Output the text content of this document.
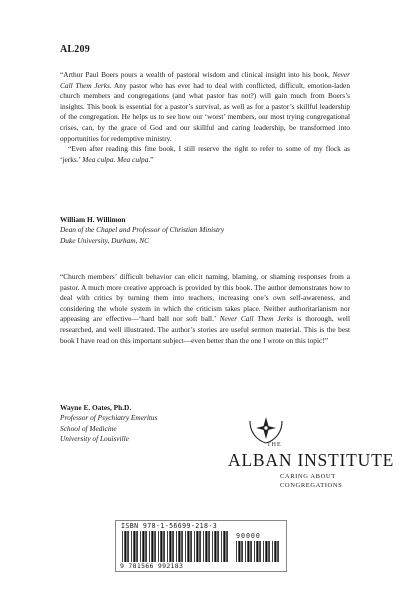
AL209

“Arthur Paul Boers pours a wealth of pastoral wisdom and clinical insight into his book, Never Call Them Jerks. Any pastor who has ever had to deal with conflicted, difficult, emotion-laden church members and congregations (and what pastor has not?) will gain much from Boers’s insights. This book is essential for a pastor’s survival, as well as for a pastor’s skillful leadership of the congregation. He helps us to see how our ‘worst’ members, our most trying congregational crises, can, by the grace of God and our skillful and caring leadership, be transformed into opportunities for redemptive ministry.

“Even after reading this fine book, I still reserve the right to refer to some of my flock as ‘jerks.’ Mea culpa. Mea culpa.”

William H. Willimon
Dean of the Chapel and Professor of Christian Ministry
Duke University, Durham, NC

“Church members’ difficult behavior can elicit naming, blaming, or shaming responses from a pastor. A much more creative approach is provided by this book. The author demonstrates how to deal with critics by turning them into teachers, increasing one’s own self-awareness, and considering the whole system in which the criticism takes place. Neither authoritarianism nor appeasing are effective—‘hard ball nor soft ball.’ Never Call Them Jerks is thorough, well researched, and well illustrated. The author’s stories are useful sermon material. This is the best book I have read on this important subject—even better than the one I wrote on this topic!”

Wayne E. Oates, Ph.D.
Professor of Psychiatry Emeritus
School of Medicine
University of Louisville
THE
ALBAN INSTITUTE
CARING ABOUT
CONGREGATIONS
ISBN 978-1-56699-218-3
90000
9 781566 992183
